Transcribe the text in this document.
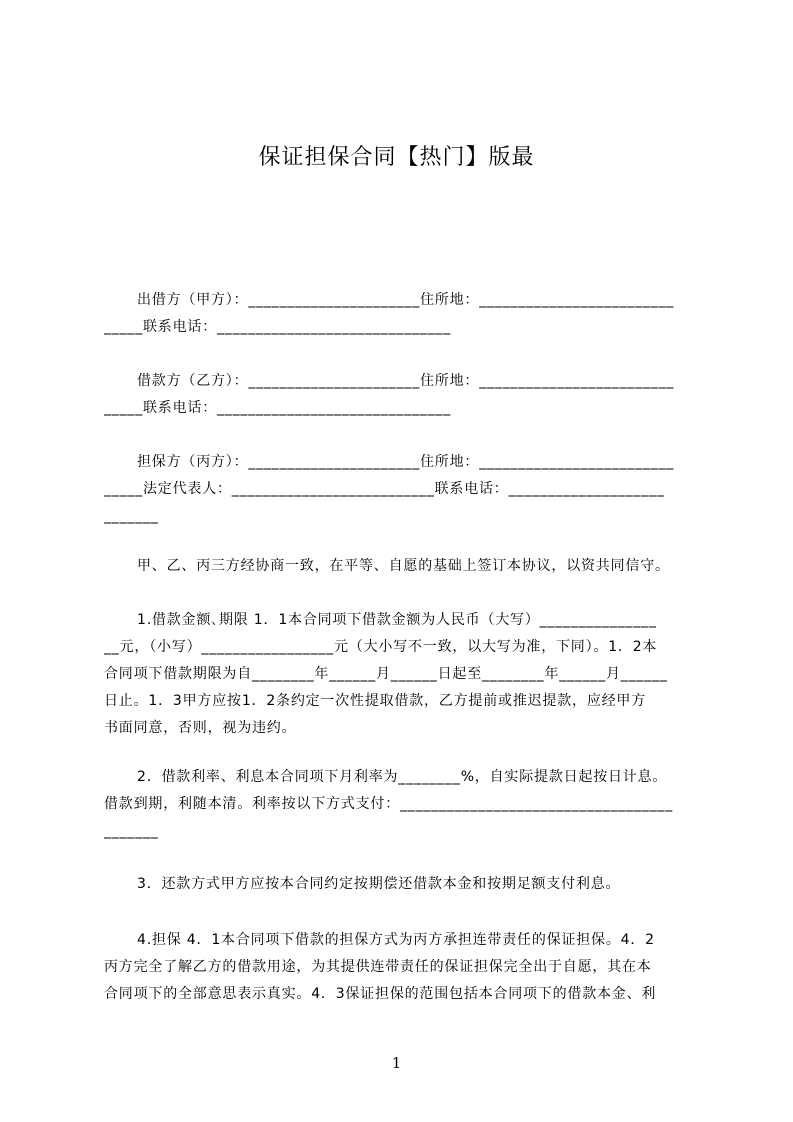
保证担保合同【热门】版最
出借方（甲方）：______________________住所地：_________________________
_____联系电话：______________________________
借款方（乙方）：______________________住所地：_________________________
_____联系电话：______________________________
担保方（丙方）：______________________住所地：_________________________
_____法定代表人：__________________________联系电话：____________________
_______
甲、乙、丙三方经协商一致，在平等、自愿的基础上签订本协议，以资共同信守。
1.借款金额､期限 1．1本合同项下借款金额为人民币（大写）_______________
__元，（小写）_________________元（大小写不一致，以大写为准，下同）。1．2本
合同项下借款期限为自________年______月______日起至________年______月______
日止。1．3甲方应按1．2条约定一次性提取借款，乙方提前或推迟提款，应经甲方
书面同意，否则，视为违约。
2．借款利率、利息本合同项下月利率为________%，自实际提款日起按日计息。
借款到期，利随本清。利率按以下方式支付：___________________________________
_______
3．还款方式甲方应按本合同约定按期偿还借款本金和按期足额支付利息。
4.担保 4．1本合同项下借款的担保方式为丙方承担连带责任的保证担保。4．2
丙方完全了解乙方的借款用途，为其提供连带责任的保证担保完全出于自愿，其在本
合同项下的全部意思表示真实。4．3保证担保的范围包括本合同项下的借款本金、利
1
